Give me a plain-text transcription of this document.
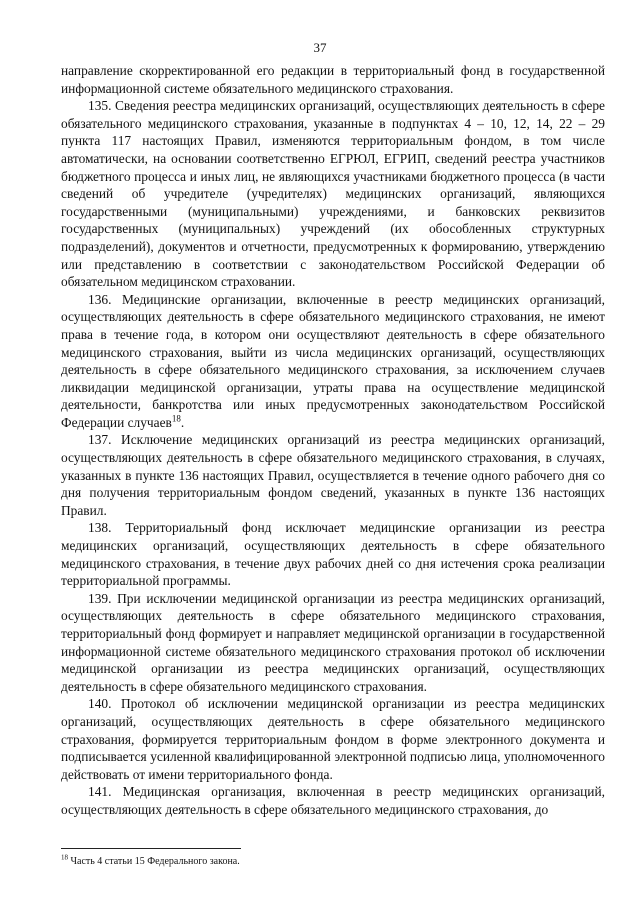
37

направление скорректированной его редакции в территориальный фонд в государственной информационной системе обязательного медицинского страхования.

135. Сведения реестра медицинских организаций, осуществляющих деятельность в сфере обязательного медицинского страхования, указанные в подпунктах 4 – 10, 12, 14, 22 – 29 пункта 117 настоящих Правил, изменяются территориальным фондом, в том числе автоматически, на основании соответственно ЕГРЮЛ, ЕГРИП, сведений реестра участников бюджетного процесса и иных лиц, не являющихся участниками бюджетного процесса (в части сведений об учредителе (учредителях) медицинских организаций, являющихся государственными (муниципальными) учреждениями, и банковских реквизитов государственных (муниципальных) учреждений (их обособленных структурных подразделений), документов и отчетности, предусмотренных к формированию, утверждению или представлению в соответствии с законодательством Российской Федерации об обязательном медицинском страховании.

136. Медицинские организации, включенные в реестр медицинских организаций, осуществляющих деятельность в сфере обязательного медицинского страхования, не имеют права в течение года, в котором они осуществляют деятельность в сфере обязательного медицинского страхования, выйти из числа медицинских организаций, осуществляющих деятельность в сфере обязательного медицинского страхования, за исключением случаев ликвидации медицинской организации, утраты права на осуществление медицинской деятельности, банкротства или иных предусмотренных законодательством Российской Федерации случаев$^{18}$.

137. Исключение медицинских организаций из реестра медицинских организаций, осуществляющих деятельность в сфере обязательного медицинского страхования, в случаях, указанных в пункте 136 настоящих Правил, осуществляется в течение одного рабочего дня со дня получения территориальным фондом сведений, указанных в пункте 136 настоящих Правил.

138. Территориальный фонд исключает медицинские организации из реестра медицинских организаций, осуществляющих деятельность в сфере обязательного медицинского страхования, в течение двух рабочих дней со дня истечения срока реализации территориальной программы.

139. При исключении медицинской организации из реестра медицинских организаций, осуществляющих деятельность в сфере обязательного медицинского страхования, территориальный фонд формирует и направляет медицинской организации в государственной информационной системе обязательного медицинского страхования протокол об исключении медицинской организации из реестра медицинских организаций, осуществляющих деятельность в сфере обязательного медицинского страхования.

140. Протокол об исключении медицинской организации из реестра медицинских организаций, осуществляющих деятельность в сфере обязательного медицинского страхования, формируется территориальным фондом в форме электронного документа и подписывается усиленной квалифицированной электронной подписью лица, уполномоченного действовать от имени территориального фонда.

141. Медицинская организация, включенная в реестр медицинских организаций, осуществляющих деятельность в сфере обязательного медицинского страхования, до

$^{18}$ Часть 4 статьи 15 Федерального закона.
